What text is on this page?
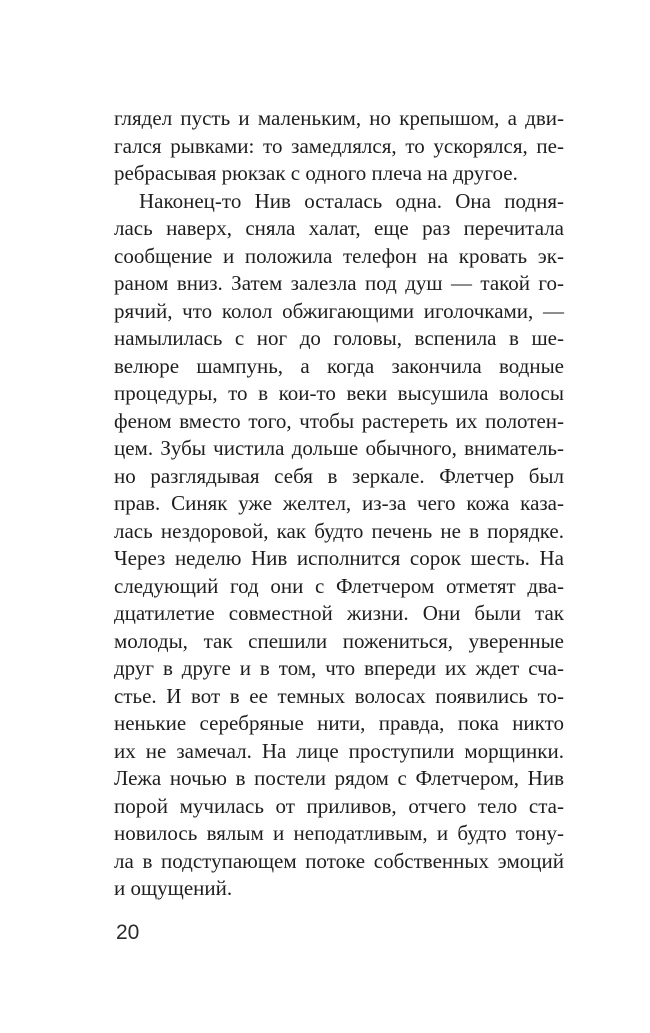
глядел пусть и маленьким, но крепышом, а дви-
гался рывками: то замедлялся, то ускорялся, пе-
ребрасывая рюкзак с одного плеча на другое.
Наконец-то Нив осталась одна. Она подня-
лась наверх, сняла халат, еще раз перечитала
сообщение и положила телефон на кровать эк-
раном вниз. Затем залезла под душ — такой го-
рячий, что колол обжигающими иголочками, —
намылилась с ног до головы, вспенила в ше-
велюре шампунь, а когда закончила водные
процедуры, то в кои-то веки высушила волосы
феном вместо того, чтобы растереть их полотен-
цем. Зубы чистила дольше обычного, вниматель-
но разглядывая себя в зеркале. Флетчер был
прав. Синяк уже желтел, из-за чего кожа каза-
лась нездоровой, как будто печень не в порядке.
Через неделю Нив исполнится сорок шесть. На
следующий год они с Флетчером отметят два-
дцатилетие совместной жизни. Они были так
молоды, так спешили пожениться, уверенные
друг в друге и в том, что впереди их ждет сча-
стье. И вот в ее темных волосах появились то-
ненькие серебряные нити, правда, пока никто
их не замечал. На лице проступили морщинки.
Лежа ночью в постели рядом с Флетчером, Нив
порой мучилась от приливов, отчего тело ста-
новилось вялым и неподатливым, и будто тону-
ла в подступающем потоке собственных эмоций
и ощущений.
20
